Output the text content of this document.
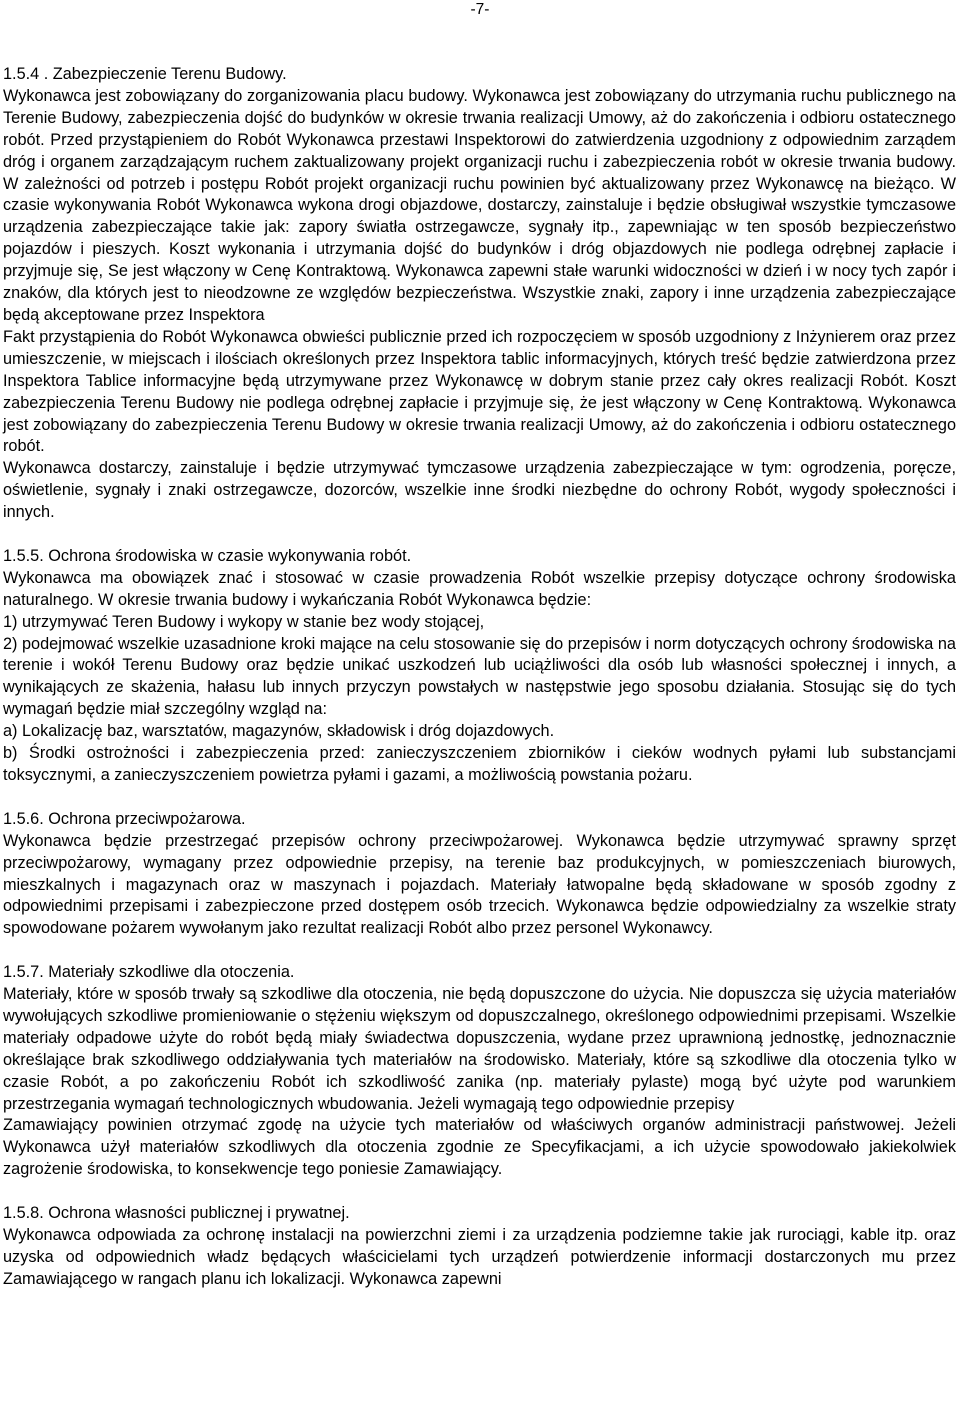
-7-

1.5.4 . Zabezpieczenie Terenu Budowy.

Wykonawca jest zobowiązany do zorganizowania placu budowy. Wykonawca jest zobowiązany do utrzymania ruchu publicznego na Terenie Budowy, zabezpieczenia dojść do budynków w okresie trwania realizacji Umowy, aż do zakończenia i odbioru ostatecznego robót. Przed przystąpieniem do Robót Wykonawca przestawi Inspektorowi do zatwierdzenia uzgodniony z odpowiednim zarządem dróg i organem zarządzającym ruchem zaktualizowany projekt organizacji ruchu i zabezpieczenia robót w okresie trwania budowy. W zależności od potrzeb i postępu Robót projekt organizacji ruchu powinien być aktualizowany przez Wykonawcę na bieżąco. W czasie wykonywania Robót Wykonawca wykona drogi objazdowe, dostarczy, zainstaluje i będzie obsługiwał wszystkie tymczasowe urządzenia zabezpieczające takie jak: zapory światła ostrzegawcze, sygnały itp., zapewniając w ten sposób bezpieczeństwo pojazdów i pieszych. Koszt wykonania i utrzymania dojść do budynków i dróg objazdowych nie podlega odrębnej zapłacie i przyjmuje się, Se jest włączony w Cenę Kontraktową. Wykonawca zapewni stałe warunki widoczności w dzień i w nocy tych zapór i znaków, dla których jest to nieodzowne ze względów bezpieczeństwa. Wszystkie znaki, zapory i inne urządzenia zabezpieczające będą akceptowane przez Inspektora

Fakt przystąpienia do Robót Wykonawca obwieści publicznie przed ich rozpoczęciem w sposób uzgodniony z Inżynierem oraz przez umieszczenie, w miejscach i ilościach określonych przez Inspektora tablic informacyjnych, których treść będzie zatwierdzona przez Inspektora Tablice informacyjne będą utrzymywane przez Wykonawcę w dobrym stanie przez cały okres realizacji Robót. Koszt zabezpieczenia Terenu Budowy nie podlega odrębnej zapłacie i przyjmuje się, że jest włączony w Cenę Kontraktową. Wykonawca jest zobowiązany do zabezpieczenia Terenu Budowy w okresie trwania realizacji Umowy, aż do zakończenia i odbioru ostatecznego robót.

Wykonawca dostarczy, zainstaluje i będzie utrzymywać tymczasowe urządzenia zabezpieczające w tym: ogrodzenia, poręcze, oświetlenie, sygnały i znaki ostrzegawcze, dozorców, wszelkie inne środki niezbędne do ochrony Robót, wygody społeczności i innych.

1.5.5. Ochrona środowiska w czasie wykonywania robót.

Wykonawca ma obowiązek znać i stosować w czasie prowadzenia Robót wszelkie przepisy dotyczące ochrony środowiska naturalnego. W okresie trwania budowy i wykańczania Robót Wykonawca będzie:

1) utrzymywać Teren Budowy i wykopy w stanie bez wody stojącej,

2) podejmować wszelkie uzasadnione kroki mające na celu stosowanie się do przepisów i norm dotyczących ochrony środowiska na terenie i wokół Terenu Budowy oraz będzie unikać uszkodzeń lub uciążliwości dla osób lub własności społecznej i innych, a wynikających ze skażenia, hałasu lub innych przyczyn powstałych w następstwie jego sposobu działania. Stosując się do tych wymagań będzie miał szczególny wzgląd na:

a) Lokalizację baz, warsztatów, magazynów, składowisk i dróg dojazdowych.

b) Środki ostrożności i zabezpieczenia przed: zanieczyszczeniem zbiorników i cieków wodnych pyłami lub substancjami toksycznymi, a zanieczyszczeniem powietrza pyłami i gazami, a możliwością powstania pożaru.

1.5.6. Ochrona przeciwpożarowa.

Wykonawca będzie przestrzegać przepisów ochrony przeciwpożarowej. Wykonawca będzie utrzymywać sprawny sprzęt przeciwpożarowy, wymagany przez odpowiednie przepisy, na terenie baz produkcyjnych, w pomieszczeniach biurowych, mieszkalnych i magazynach oraz w maszynach i pojazdach. Materiały łatwopalne będą składowane w sposób zgodny z odpowiednimi przepisami i zabezpieczone przed dostępem osób trzecich. Wykonawca będzie odpowiedzialny za wszelkie straty spowodowane pożarem wywołanym jako rezultat realizacji Robót albo przez personel Wykonawcy.

1.5.7. Materiały szkodliwe dla otoczenia.

Materiały, które w sposób trwały są szkodliwe dla otoczenia, nie będą dopuszczone do użycia. Nie dopuszcza się użycia materiałów wywołujących szkodliwe promieniowanie o stężeniu większym od dopuszczalnego, określonego odpowiednimi przepisami. Wszelkie materiały odpadowe użyte do robót będą miały świadectwa dopuszczenia, wydane przez uprawnioną jednostkę, jednoznacznie określające brak szkodliwego oddziaływania tych materiałów na środowisko. Materiały, które są szkodliwe dla otoczenia tylko w czasie Robót, a po zakończeniu Robót ich szkodliwość zanika (np. materiały pylaste) mogą być użyte pod warunkiem przestrzegania wymagań technologicznych wbudowania. Jeżeli wymagają tego odpowiednie przepisy

Zamawiający powinien otrzymać zgodę na użycie tych materiałów od właściwych organów administracji państwowej. Jeżeli Wykonawca użył materiałów szkodliwych dla otoczenia zgodnie ze Specyfikacjami, a ich użycie spowodowało jakiekolwiek zagrożenie środowiska, to konsekwencje tego poniesie Zamawiający.

1.5.8. Ochrona własności publicznej i prywatnej.

Wykonawca odpowiada za ochronę instalacji na powierzchni ziemi i za urządzenia podziemne takie jak rurociągi, kable itp. oraz uzyska od odpowiednich władz będących właścicielami tych urządzeń potwierdzenie informacji dostarczonych mu przez Zamawiającego w rangach planu ich lokalizacji. Wykonawca zapewni
